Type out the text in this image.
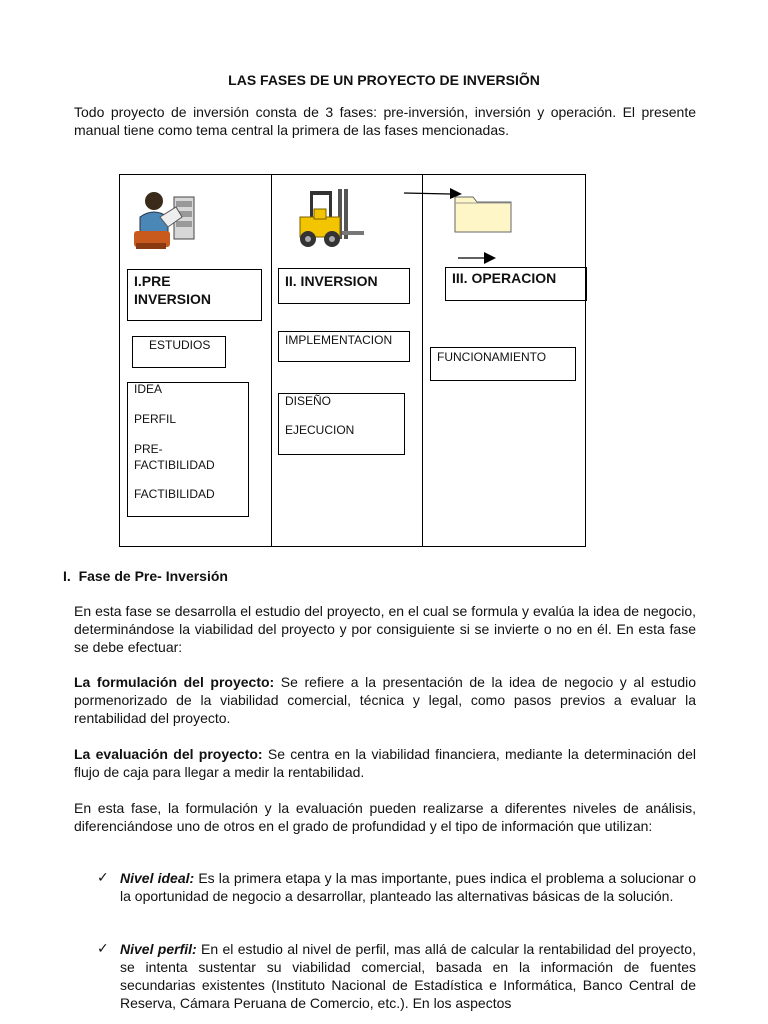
LAS FASES DE UN PROYECTO DE INVERSIÕN
Todo proyecto de inversión consta de 3 fases: pre-inversión, inversión y operación. El presente manual tiene como tema central la primera de las fases mencionadas.
I.PRE
INVERSION
ESTUDIOS
IDEA
PERFIL
PRE-
FACTIBILIDAD
FACTIBILIDAD
II. INVERSION
IMPLEMENTACION
DISEÑO
EJECUCION
III. OPERACION
FUNCIONAMIENTO
I. Fase de Pre- Inversión
En esta fase se desarrolla el estudio del proyecto, en el cual se formula y evalúa la idea de negocio, determinándose la viabilidad del proyecto y por consiguiente si se invierte o no en él. En esta fase se debe efectuar:
La formulación del proyecto: Se refiere a la presentación de la idea de negocio y al estudio pormenorizado de la viabilidad comercial, técnica y legal, como pasos previos a evaluar la rentabilidad del proyecto.
La evaluación del proyecto: Se centra en la viabilidad financiera, mediante la determinación del flujo de caja para llegar a medir la rentabilidad.
En esta fase, la formulación y la evaluación pueden realizarse a diferentes niveles de análisis, diferenciándose uno de otros en el grado de profundidad y el tipo de información que utilizan:
✓ Nivel ideal: Es la primera etapa y la mas importante, pues indica el problema a solucionar o la oportunidad de negocio a desarrollar, planteado las alternativas básicas de la solución.
✓ Nivel perfil: En el estudio al nivel de perfil, mas allá de calcular la rentabilidad del proyecto, se intenta sustentar su viabilidad comercial, basada en la información de fuentes secundarias existentes (Instituto Nacional de Estadística e Informática, Banco Central de Reserva, Cámara Peruana de Comercio, etc.). En los aspectos
